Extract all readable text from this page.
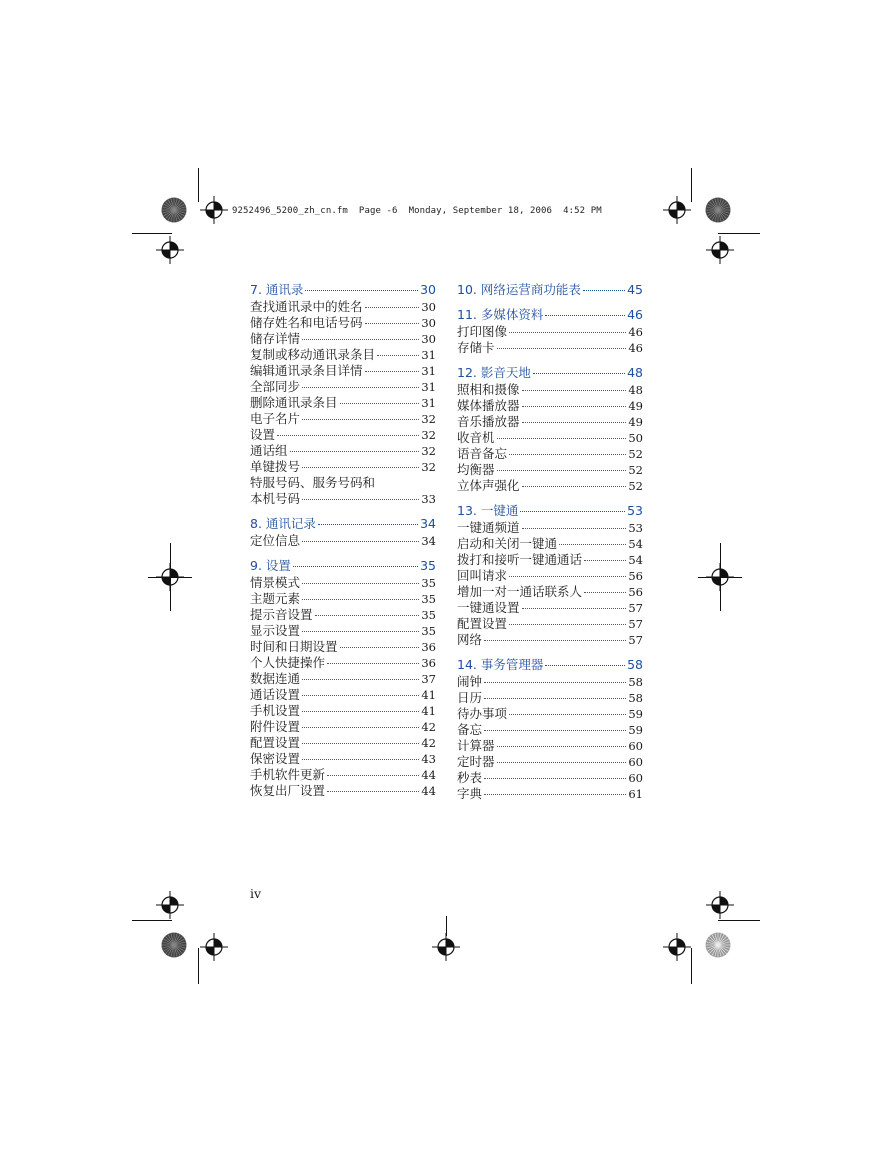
9252496_5200_zh_cn.fm  Page -6  Monday, September 18, 2006  4:52 PM
7. 通讯录	30
查找通讯录中的姓名	30
储存姓名和电话号码	30
储存详情	30
复制或移动通讯录条目	31
编辑通讯录条目详情	31
全部同步	31
删除通讯录条目	31
电子名片	32
设置	32
通话组	32
单键拨号	32
特服号码、服务号码和
本机号码	33
8. 通讯记录	34
定位信息	34
9. 设置	35
情景模式	35
主题元素	35
提示音设置	35
显示设置	35
时间和日期设置	36
个人快捷操作	36
数据连通	37
通话设置	41
手机设置	41
附件设置	42
配置设置	42
保密设置	43
手机软件更新	44
恢复出厂设置	44
10. 网络运营商功能表	45
11. 多媒体资料	46
打印图像	46
存储卡	46
12. 影音天地	48
照相和摄像	48
媒体播放器	49
音乐播放器	49
收音机	50
语音备忘	52
均衡器	52
立体声强化	52
13. 一键通	53
一键通频道	53
启动和关闭一键通	54
拨打和接听一键通通话	54
回叫请求	56
增加一对一通话联系人	56
一键通设置	57
配置设置	57
网络	57
14. 事务管理器	58
闹钟	58
日历	58
待办事项	59
备忘	59
计算器	60
定时器	60
秒表	60
字典	61
iv
